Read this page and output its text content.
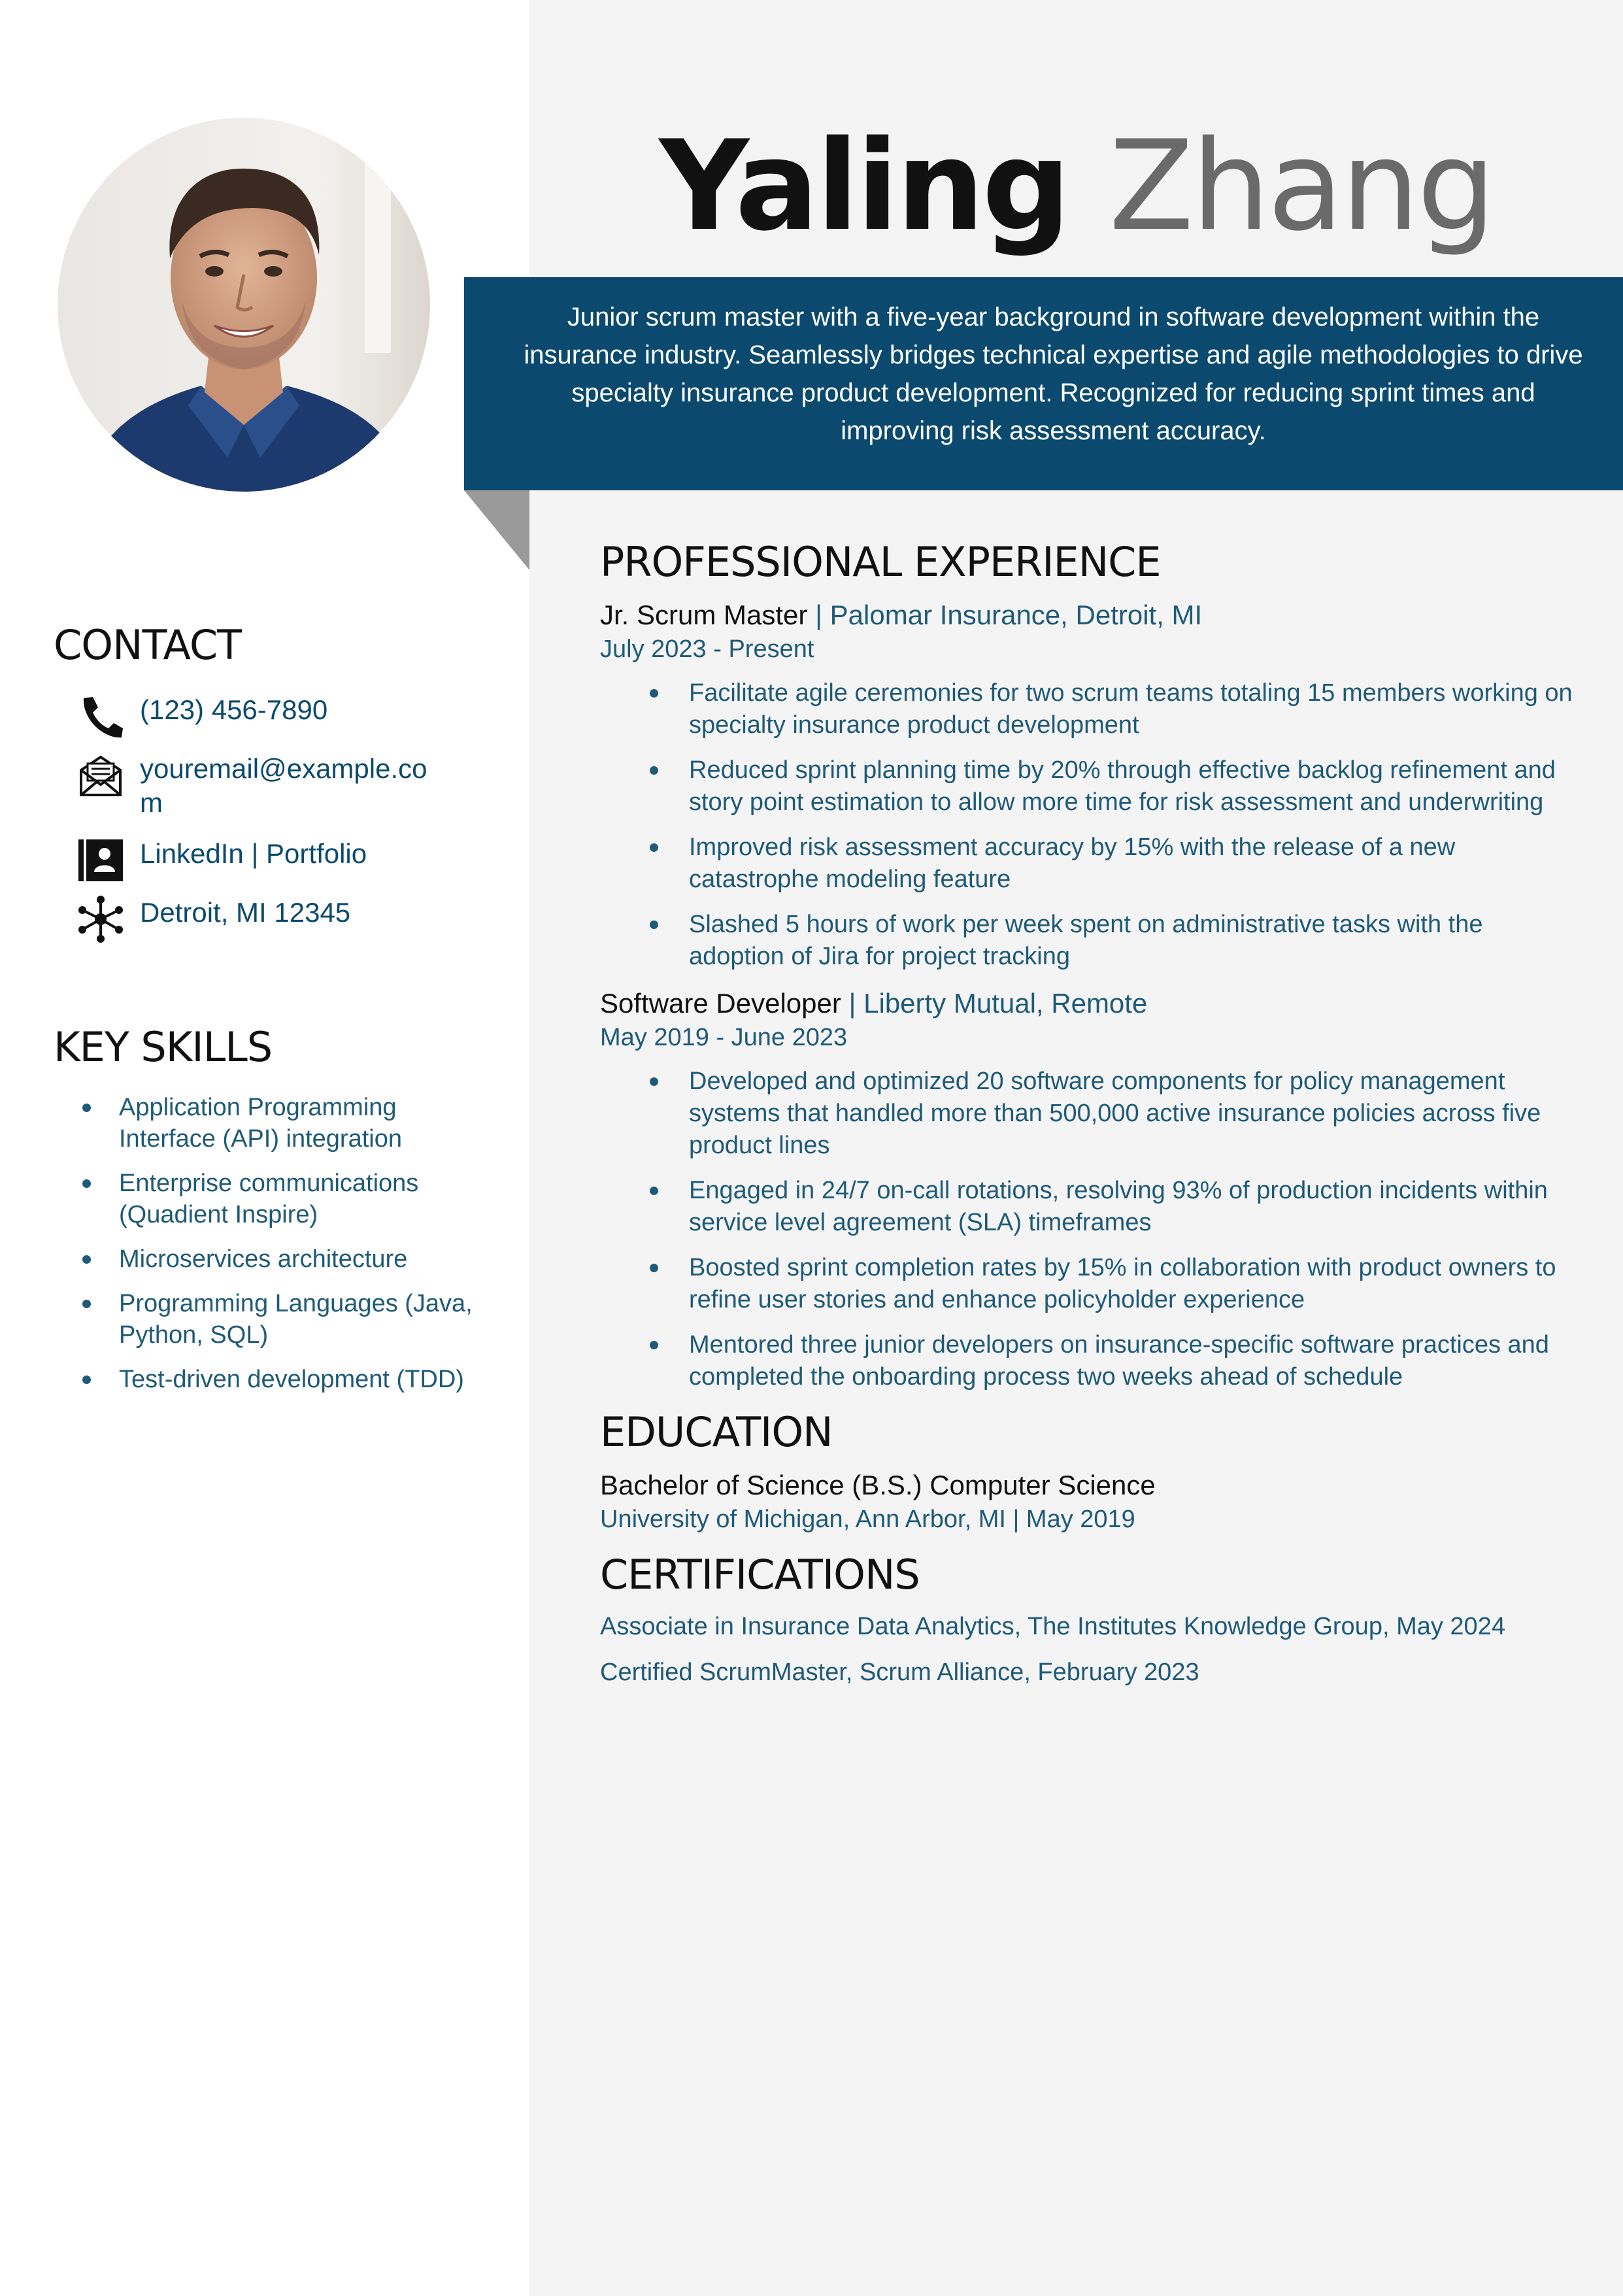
Yaling Zhang

Junior scrum master with a five-year background in software development within the insurance industry. Seamlessly bridges technical expertise and agile methodologies to drive specialty insurance product development. Recognized for reducing sprint times and improving risk assessment accuracy.

CONTACT
(123) 456-7890
youremail@example.com
LinkedIn | Portfolio
Detroit, MI 12345
KEY SKILLS
Application Programming Interface (API) integration
Enterprise communications (Quadient Inspire)
Microservices architecture
Programming Languages (Java, Python, SQL)
Test-driven development (TDD)
PROFESSIONAL EXPERIENCE
Jr. Scrum Master | Palomar Insurance, Detroit, MI
July 2023 - Present
Facilitate agile ceremonies for two scrum teams totaling 15 members working on specialty insurance product development
Reduced sprint planning time by 20% through effective backlog refinement and story point estimation to allow more time for risk assessment and underwriting
Improved risk assessment accuracy by 15% with the release of a new catastrophe modeling feature
Slashed 5 hours of work per week spent on administrative tasks with the adoption of Jira for project tracking
Software Developer | Liberty Mutual, Remote
May 2019 - June 2023
Developed and optimized 20 software components for policy management systems that handled more than 500,000 active insurance policies across five product lines
Engaged in 24/7 on-call rotations, resolving 93% of production incidents within service level agreement (SLA) timeframes
Boosted sprint completion rates by 15% in collaboration with product owners to refine user stories and enhance policyholder experience
Mentored three junior developers on insurance-specific software practices and completed the onboarding process two weeks ahead of schedule
EDUCATION
Bachelor of Science (B.S.) Computer Science
University of Michigan, Ann Arbor, MI | May 2019
CERTIFICATIONS
Associate in Insurance Data Analytics, The Institutes Knowledge Group, May 2024
Certified ScrumMaster, Scrum Alliance, February 2023
